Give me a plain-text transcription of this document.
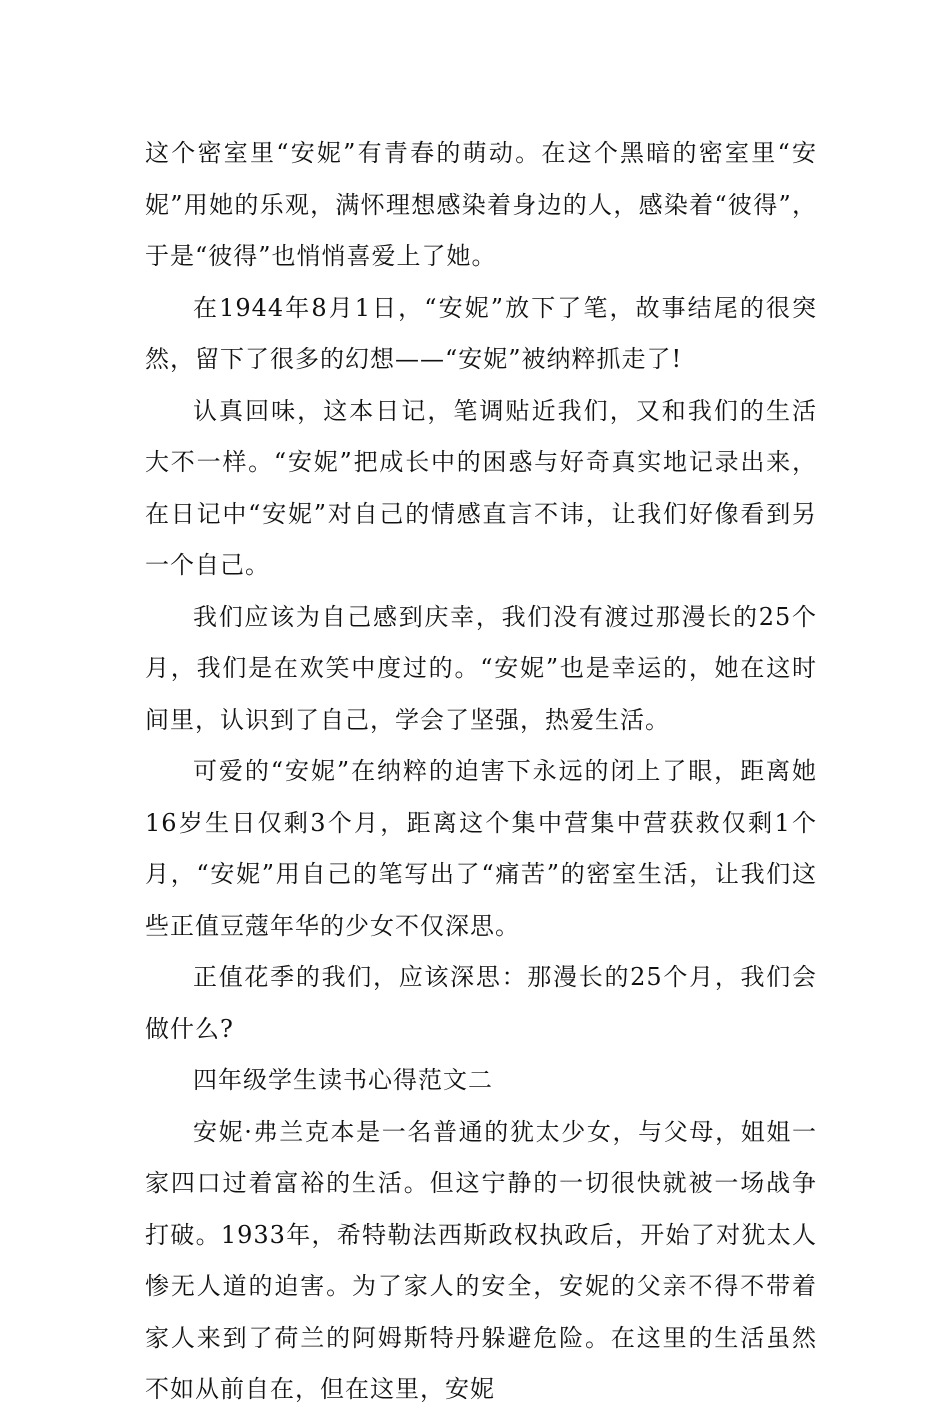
这个密室里“安妮”有青春的萌动。在这个黑暗的密室里“安妮”用她的乐观，满怀理想感染着身边的人，感染着“彼得”，于是“彼得”也悄悄喜爱上了她。

在1944年8月1日，“安妮”放下了笔，故事结尾的很突然，留下了很多的幻想——“安妮”被纳粹抓走了!

认真回味，这本日记，笔调贴近我们，又和我们的生活大不一样。“安妮”把成长中的困惑与好奇真实地记录出来，在日记中“安妮”对自己的情感直言不讳，让我们好像看到另一个自己。

我们应该为自己感到庆幸，我们没有渡过那漫长的25个月，我们是在欢笑中度过的。“安妮”也是幸运的，她在这时间里，认识到了自己，学会了坚强，热爱生活。

可爱的“安妮”在纳粹的迫害下永远的闭上了眼，距离她16岁生日仅剩3个月，距离这个集中营集中营获救仅剩1个月，“安妮”用自己的笔写出了“痛苦”的密室生活，让我们这些正值豆蔻年华的少女不仅深思。

正值花季的我们，应该深思：那漫长的25个月，我们会做什么?

四年级学生读书心得范文二

安妮·弗兰克本是一名普通的犹太少女，与父母，姐姐一家四口过着富裕的生活。但这宁静的一切很快就被一场战争打破。1933年，希特勒法西斯政权执政后，开始了对犹太人惨无人道的迫害。为了家人的安全，安妮的父亲不得不带着家人来到了荷兰的阿姆斯特丹躲避危险。在这里的生活虽然不如从前自在，但在这里，安妮
